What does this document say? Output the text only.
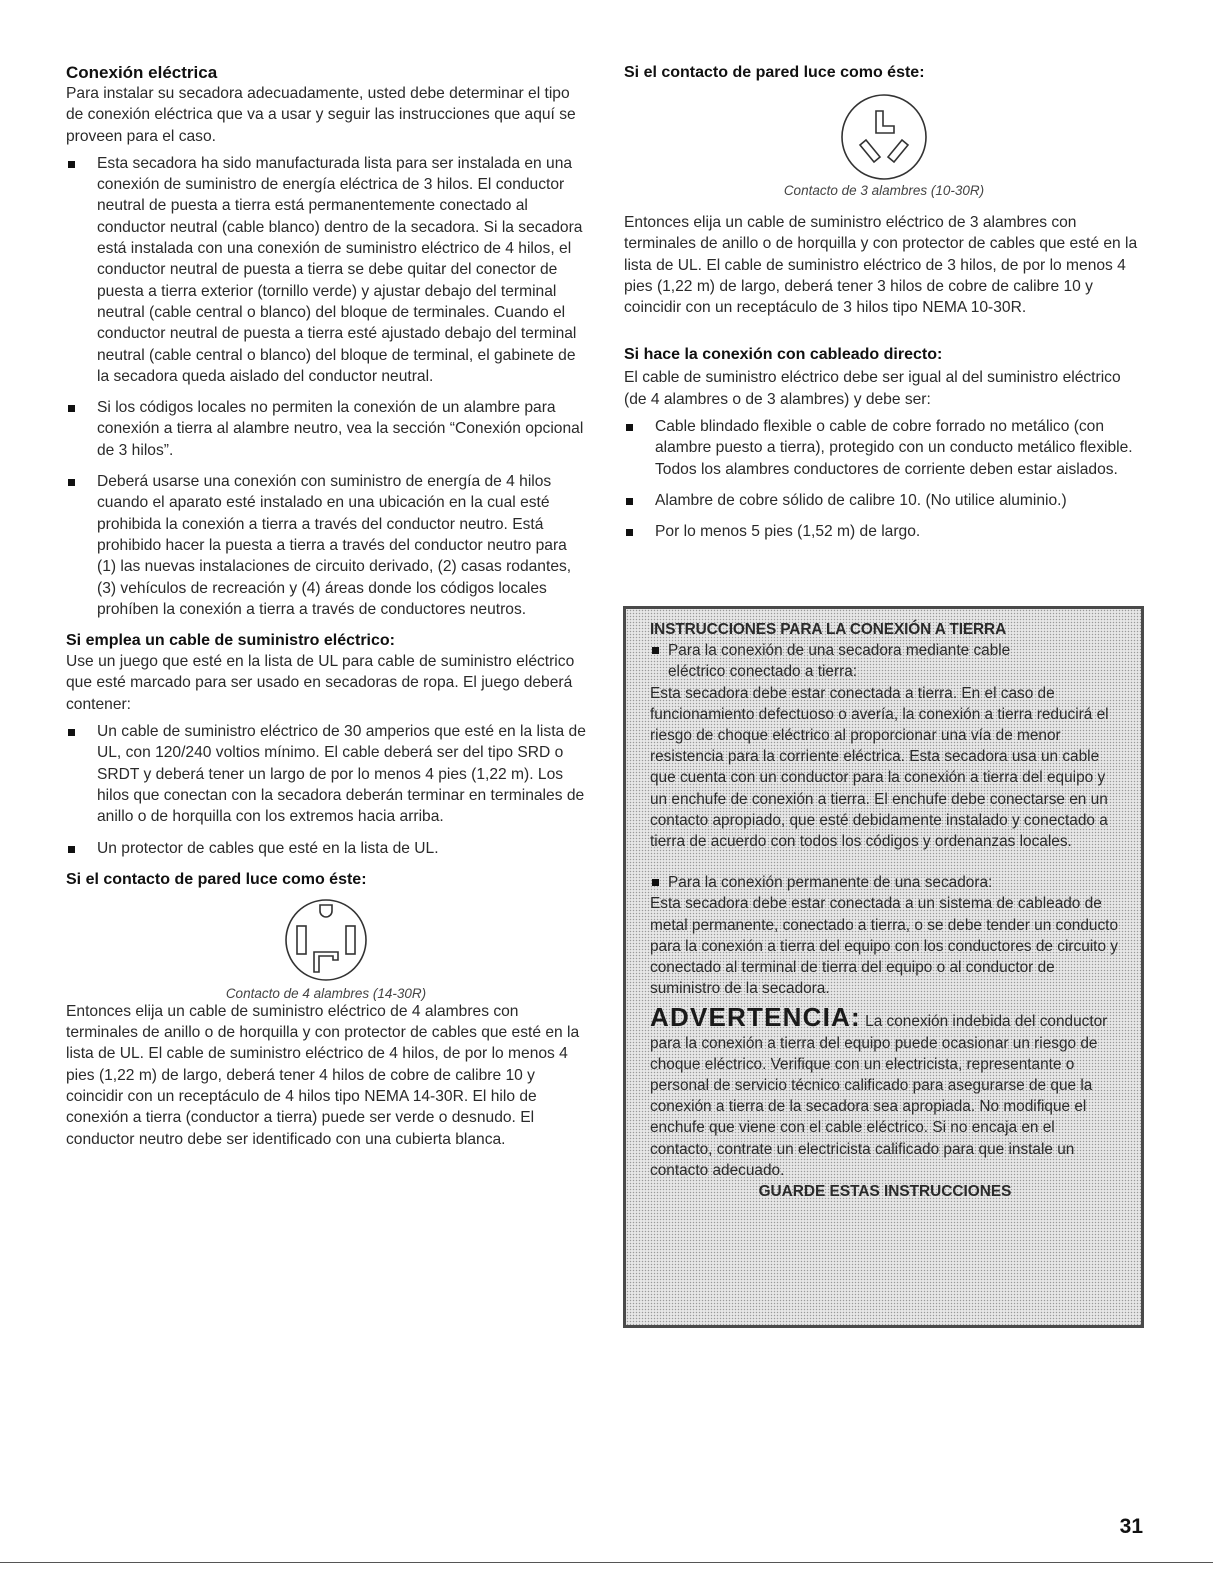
Conexión eléctrica

Para instalar su secadora adecuadamente, usted debe determinar el tipo de conexión eléctrica que va a usar y seguir las instrucciones que aquí se proveen para el caso.

Esta secadora ha sido manufacturada lista para ser instalada en una conexión de suministro de energía eléctrica de 3 hilos. El conductor neutral de puesta a tierra está permanentemente conectado al conductor neutral (cable blanco) dentro de la secadora. Si la secadora está instalada con una conexión de suministro eléctrico de 4 hilos, el conductor neutral de puesta a tierra se debe quitar del conector de puesta a tierra exterior (tornillo verde) y ajustar debajo del terminal neutral (cable central o blanco) del bloque de terminales. Cuando el conductor neutral de puesta a tierra esté ajustado debajo del terminal neutral (cable central o blanco) del bloque de terminal, el gabinete de la secadora queda aislado del conductor neutral.
Si los códigos locales no permiten la conexión de un alambre para conexión a tierra al alambre neutro, vea la sección “Conexión opcional de 3 hilos”.
Deberá usarse una conexión con suministro de energía de 4 hilos cuando el aparato esté instalado en una ubicación en la cual esté prohibida la conexión a tierra a través del conductor neutro. Está prohibido hacer la puesta a tierra a través del conductor neutro para (1) las nuevas instalaciones de circuito derivado, (2) casas rodantes, (3) vehículos de recreación y (4) áreas donde los códigos locales prohíben la conexión a tierra a través de conductores neutros.

Si emplea un cable de suministro eléctrico:

Use un juego que esté en la lista de UL para cable de suministro eléctrico que esté marcado para ser usado en secadoras de ropa. El juego deberá contener:

Un cable de suministro eléctrico de 30 amperios que esté en la lista de UL, con 120/240 voltios mínimo. El cable deberá ser del tipo SRD o SRDT y deberá tener un largo de por lo menos 4 pies (1,22 m). Los hilos que conectan con la secadora deberán terminar en terminales de anillo o de horquilla con los extremos hacia arriba.
Un protector de cables que esté en la lista de UL.

Si el contacto de pared luce como éste:

Contacto de 4 alambres (14-30R)

Entonces elija un cable de suministro eléctrico de 4 alambres con terminales de anillo o de horquilla y con protector de cables que esté en la lista de UL. El cable de suministro eléctrico de 4 hilos, de por lo menos 4 pies (1,22 m) de largo, deberá tener 4 hilos de cobre de calibre 10 y coincidir con un receptáculo de 4 hilos tipo NEMA 14-30R. El hilo de conexión a tierra (conductor a tierra) puede ser verde o desnudo. El conductor neutro debe ser identificado con una cubierta blanca.

Si el contacto de pared luce como éste:

Contacto de 3 alambres (10-30R)

Entonces elija un cable de suministro eléctrico de 3 alambres con terminales de anillo o de horquilla y con protector de cables que esté en la lista de UL. El cable de suministro eléctrico de 3 hilos, de por lo menos 4 pies (1,22 m) de largo, deberá tener 3 hilos de cobre de calibre 10 y coincidir con un receptáculo de 3 hilos tipo NEMA 10-30R.

Si hace la conexión con cableado directo:

El cable de suministro eléctrico debe ser igual al del suministro eléctrico (de 4 alambres o de 3 alambres) y debe ser:

Cable blindado flexible o cable de cobre forrado no metálico (con alambre puesto a tierra), protegido con un conducto metálico flexible. Todos los alambres conductores de corriente deben estar aislados.
Alambre de cobre sólido de calibre 10. (No utilice aluminio.)
Por lo menos 5 pies (1,52 m) de largo.

INSTRUCCIONES PARA LA CONEXIÓN A TIERRA

Para la conexión de una secadora mediante cable

eléctrico conectado a tierra:

Esta secadora debe estar conectada a tierra. En el caso de funcionamiento defectuoso o avería, la conexión a tierra reducirá el riesgo de choque eléctrico al proporcionar una vía de menor resistencia para la corriente eléctrica. Esta secadora usa un cable que cuenta con un conductor para la conexión a tierra del equipo y un enchufe de conexión a tierra. El enchufe debe conectarse en un contacto apropiado, que esté debidamente instalado y conectado a tierra de acuerdo con todos los códigos y ordenanzas locales.

Para la conexión permanente de una secadora:

Esta secadora debe estar conectada a un sistema de cableado de metal permanente, conectado a tierra, o se debe tender un conducto para la conexión a tierra del equipo con los conductores de circuito y conectado al terminal de tierra del equipo o al conductor de suministro de la secadora.

ADVERTENCIA: La conexión indebida del conductor para la conexión a tierra del equipo puede ocasionar un riesgo de choque eléctrico. Verifique con un electricista, representante o personal de servicio técnico calificado para asegurarse de que la conexión a tierra de la secadora sea apropiada. No modifique el enchufe que viene con el cable eléctrico. Si no encaja en el contacto, contrate un electricista calificado para que instale un contacto adecuado.

GUARDE ESTAS INSTRUCCIONES

31
